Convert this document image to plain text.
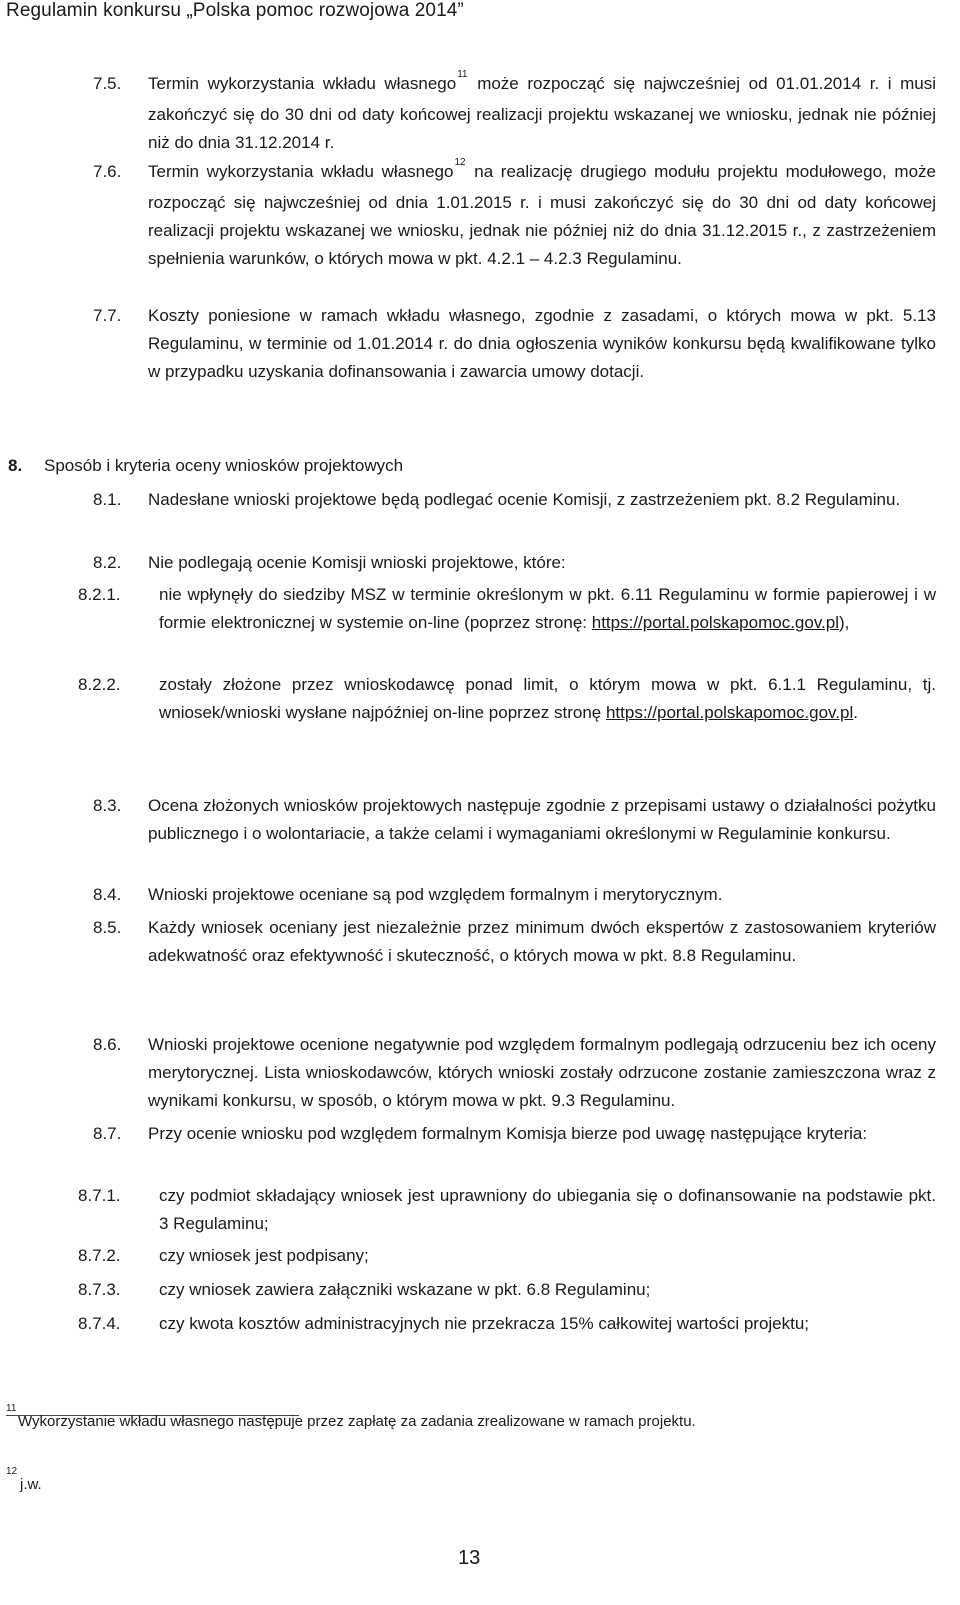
Regulamin konkursu „Polska pomoc rozwojowa 2014”
7.5. Termin wykorzystania wkładu własnego$^{11}$ może rozpocząć się najwcześniej od 01.01.2014 r. i musi zakończyć się do 30 dni od daty końcowej realizacji projektu wskazanej we wniosku, jednak nie później niż do dnia 31.12.2014 r.
7.6. Termin wykorzystania wkładu własnego$^{12}$ na realizację drugiego modułu projektu modułowego, może rozpocząć się najwcześniej od dnia 1.01.2015 r. i musi zakończyć się do 30 dni od daty końcowej realizacji projektu wskazanej we wniosku, jednak nie później niż do dnia 31.12.2015 r., z zastrzeżeniem spełnienia warunków, o których mowa w pkt. 4.2.1 – 4.2.3 Regulaminu.
7.7. Koszty poniesione w ramach wkładu własnego, zgodnie z zasadami, o których mowa w pkt. 5.13 Regulaminu, w terminie od 1.01.2014 r. do dnia ogłoszenia wyników konkursu będą kwalifikowane tylko w przypadku uzyskania dofinansowania i zawarcia umowy dotacji.
8. Sposób i kryteria oceny wniosków projektowych
8.1. Nadesłane wnioski projektowe będą podlegać ocenie Komisji, z zastrzeżeniem pkt. 8.2 Regulaminu.
8.2. Nie podlegają ocenie Komisji wnioski projektowe, które:
8.2.1. nie wpłynęły do siedziby MSZ w terminie określonym w pkt. 6.11 Regulaminu w formie papierowej i w formie elektronicznej w systemie on-line (poprzez stronę: https://portal.polskapomoc.gov.pl),
8.2.2. zostały złożone przez wnioskodawcę ponad limit, o którym mowa w pkt. 6.1.1 Regulaminu, tj. wniosek/wnioski wysłane najpóźniej on-line poprzez stronę https://portal.polskapomoc.gov.pl.
8.3. Ocena złożonych wniosków projektowych następuje zgodnie z przepisami ustawy o działalności pożytku publicznego i o wolontariacie, a także celami i wymaganiami określonymi w Regulaminie konkursu.
8.4. Wnioski projektowe oceniane są pod względem formalnym i merytorycznym.
8.5. Każdy wniosek oceniany jest niezależnie przez minimum dwóch ekspertów z zastosowaniem kryteriów adekwatność oraz efektywność i skuteczność, o których mowa w pkt. 8.8 Regulaminu.
8.6. Wnioski projektowe ocenione negatywnie pod względem formalnym podlegają odrzuceniu bez ich oceny merytorycznej. Lista wnioskodawców, których wnioski zostały odrzucone zostanie zamieszczona wraz z wynikami konkursu, w sposób, o którym mowa w pkt. 9.3 Regulaminu.
8.7. Przy ocenie wniosku pod względem formalnym Komisja bierze pod uwagę następujące kryteria:
8.7.1. czy podmiot składający wniosek jest uprawniony do ubiegania się o dofinansowanie na podstawie pkt. 3 Regulaminu;
8.7.2. czy wniosek jest podpisany;
8.7.3. czy wniosek zawiera załączniki wskazane w pkt. 6.8 Regulaminu;
8.7.4. czy kwota kosztów administracyjnych nie przekracza 15% całkowitej wartości projektu;
11
Wykorzystanie wkładu własnego następuje przez zapłatę za zadania zrealizowane w ramach projektu.
12
j.w.
13
